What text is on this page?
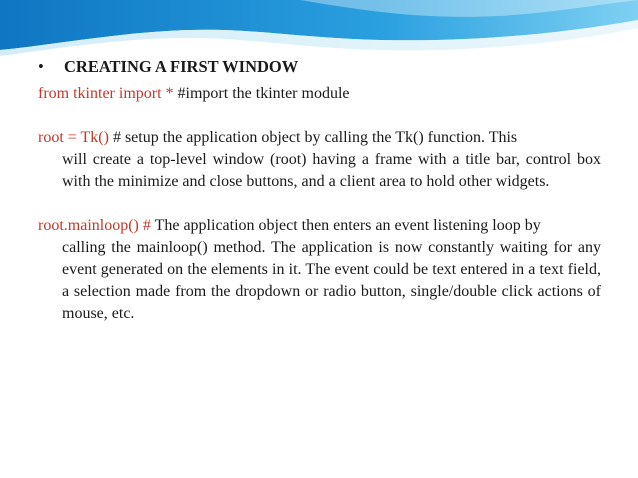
•	CREATING A FIRST WINDOW
from tkinter import * #import the tkinter module
root = Tk() # setup the application object by calling the Tk() function. This
will create a top-level window (root) having a frame with a title bar, control box with the minimize and close buttons, and a client area to hold other widgets.
root.mainloop() # The application object then enters an event listening loop by
calling the mainloop() method. The application is now constantly waiting for any event generated on the elements in it. The event could be text entered in a text field, a selection made from the dropdown or radio button, single/double click actions of mouse, etc.
